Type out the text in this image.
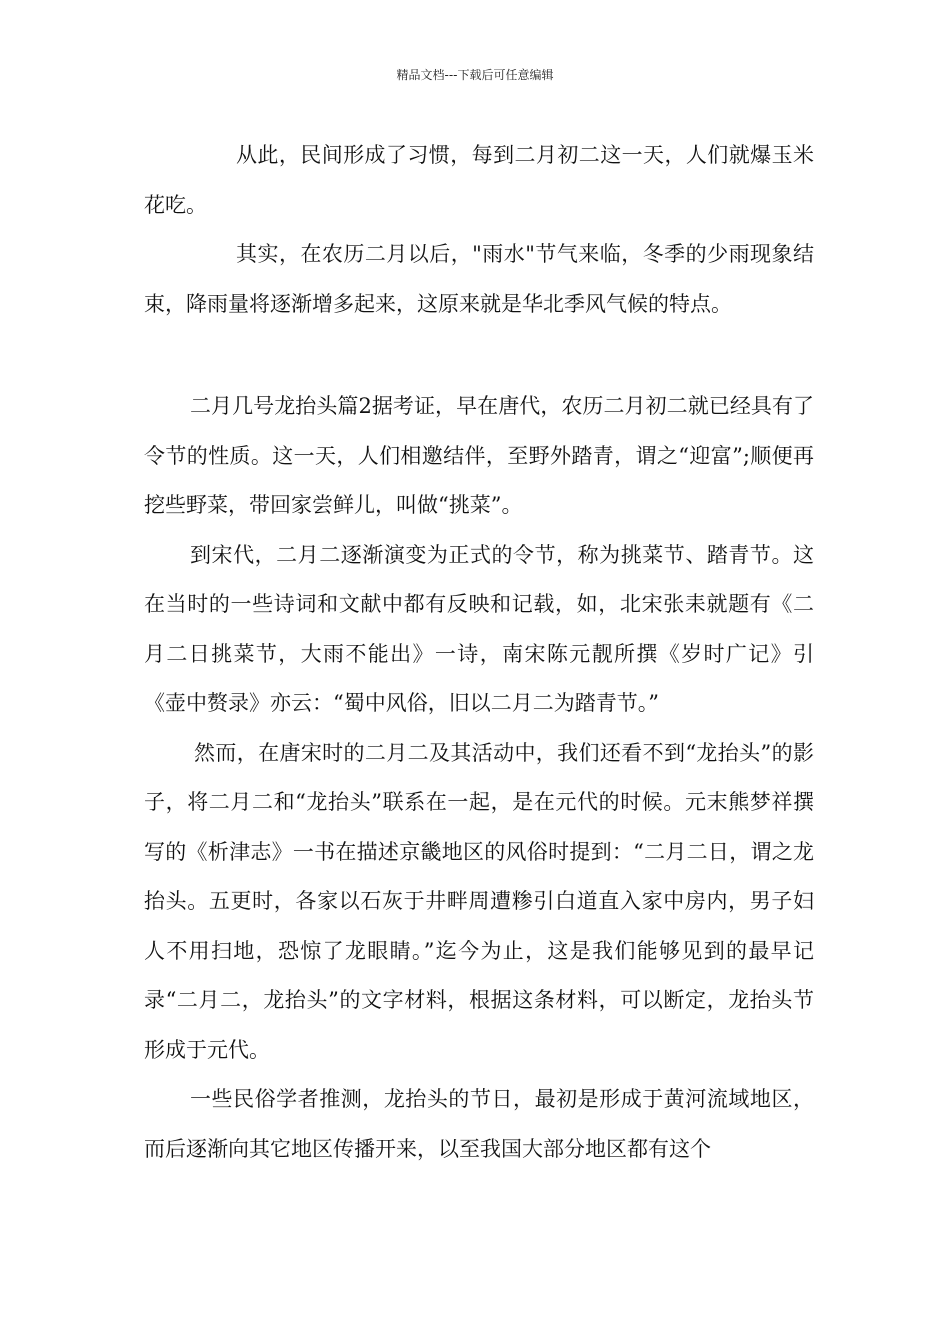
精品文档---下载后可任意编辑

从此，民间形成了习惯，每到二月初二这一天，人们就爆玉米花吃。

其实，在农历二月以后，"雨水"节气来临，冬季的少雨现象结束，降雨量将逐渐增多起来，这原来就是华北季风气候的特点。

二月几号龙抬头篇2据考证，早在唐代，农历二月初二就已经具有了令节的性质。这一天，人们相邀结伴，至野外踏青，谓之“迎富”;顺便再挖些野菜，带回家尝鲜儿，叫做“挑菜”。

到宋代，二月二逐渐演变为正式的令节，称为挑菜节、踏青节。这在当时的一些诗词和文献中都有反映和记载，如，北宋张耒就题有《二月二日挑菜节，大雨不能出》一诗，南宋陈元靓所撰《岁时广记》引《壶中赘录》亦云：“蜀中风俗，旧以二月二为踏青节。”

然而，在唐宋时的二月二及其活动中，我们还看不到“龙抬头”的影子，将二月二和“龙抬头”联系在一起，是在元代的时候。元末熊梦祥撰写的《析津志》一书在描述京畿地区的风俗时提到：“二月二日，谓之龙抬头。五更时，各家以石灰于井畔周遭糁引白道直入家中房内，男子妇人不用扫地，恐惊了龙眼睛。”迄今为止，这是我们能够见到的最早记录“二月二，龙抬头”的文字材料，根据这条材料，可以断定，龙抬头节形成于元代。

一些民俗学者推测，龙抬头的节日，最初是形成于黄河流域地区，而后逐渐向其它地区传播开来，以至我国大部分地区都有这个
